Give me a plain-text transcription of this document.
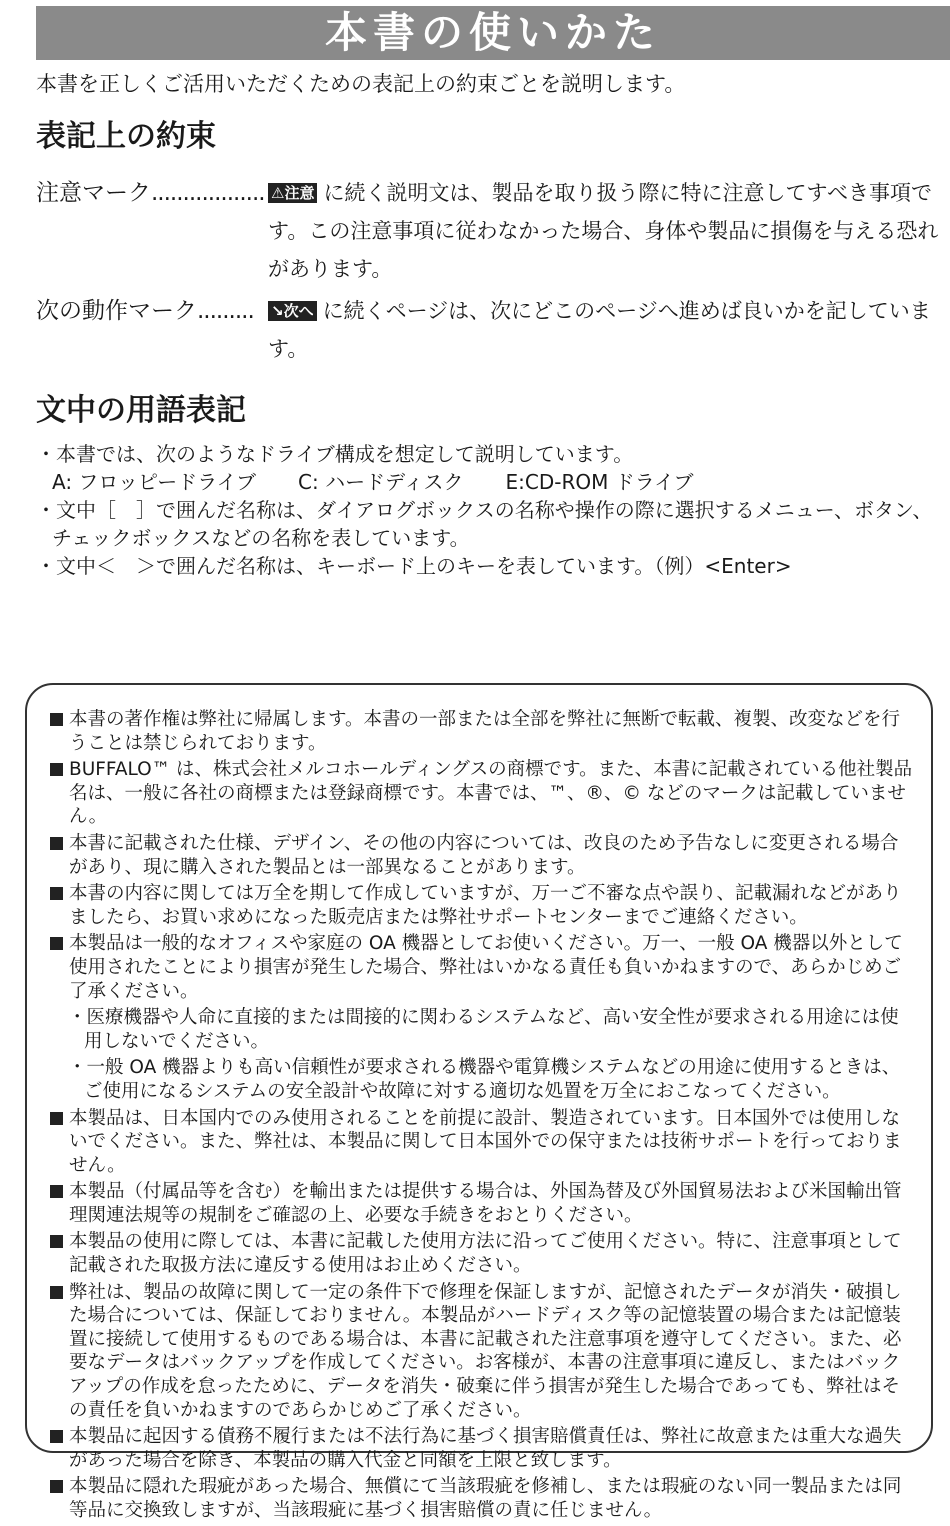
本書の使いかた
本書を正しくご活用いただくための表記上の約束ごとを説明します。
表記上の約束
注意マーク.................. ⚠注意 に続く説明文は、製品を取り扱う際に特に注意してすべき事項です。この注意事項に従わなかった場合、身体や製品に損傷を与える恐れがあります。
次の動作マーク......... ↘次へ に続くページは、次にどこのページへ進めば良いかを記しています。
文中の用語表記
・本書では、次のようなドライブ構成を想定して説明しています。
A: フロッピードライブ C: ハードディスク E:CD-ROM ドライブ
・文中［　］で囲んだ名称は、ダイアログボックスの名称や操作の際に選択するメニュー、ボタン、チェックボックスなどの名称を表しています。
・文中＜　＞で囲んだ名称は、キーボード上のキーを表しています。（例）<Enter>
本書の著作権は弊社に帰属します。本書の一部または全部を弊社に無断で転載、複製、改変などを行うことは禁じられております。
BUFFALO™ は、株式会社メルコホールディングスの商標です。また、本書に記載されている他社製品名は、一般に各社の商標または登録商標です。本書では、™、®、© などのマークは記載していません。
本書に記載された仕様、デザイン、その他の内容については、改良のため予告なしに変更される場合があり、現に購入された製品とは一部異なることがあります。
本書の内容に関しては万全を期して作成していますが、万一ご不審な点や誤り、記載漏れなどがありましたら、お買い求めになった販売店または弊社サポートセンターまでご連絡ください。
本製品は一般的なオフィスや家庭の OA 機器としてお使いください。万一、一般 OA 機器以外として使用されたことにより損害が発生した場合、弊社はいかなる責任も負いかねますので、あらかじめご了承ください。
・医療機器や人命に直接的または間接的に関わるシステムなど、高い安全性が要求される用途には使用しないでください。
・一般 OA 機器よりも高い信頼性が要求される機器や電算機システムなどの用途に使用するときは、ご使用になるシステムの安全設計や故障に対する適切な処置を万全におこなってください。
本製品は、日本国内でのみ使用されることを前提に設計、製造されています。日本国外では使用しないでください。また、弊社は、本製品に関して日本国外での保守または技術サポートを行っておりません。
本製品（付属品等を含む）を輸出または提供する場合は、外国為替及び外国貿易法および米国輸出管理関連法規等の規制をご確認の上、必要な手続きをおとりください。
本製品の使用に際しては、本書に記載した使用方法に沿ってご使用ください。特に、注意事項として記載された取扱方法に違反する使用はお止めください。
弊社は、製品の故障に関して一定の条件下で修理を保証しますが、記憶されたデータが消失・破損した場合については、保証しておりません。本製品がハードディスク等の記憶装置の場合または記憶装置に接続して使用するものである場合は、本書に記載された注意事項を遵守してください。また、必要なデータはバックアップを作成してください。お客様が、本書の注意事項に違反し、またはバックアップの作成を怠ったために、データを消失・破棄に伴う損害が発生した場合であっても、弊社はその責任を負いかねますのであらかじめご了承ください。
本製品に起因する債務不履行または不法行為に基づく損害賠償責任は、弊社に故意または重大な過失があった場合を除き、本製品の購入代金と同額を上限と致します。
本製品に隠れた瑕疵があった場合、無償にて当該瑕疵を修補し、または瑕疵のない同一製品または同等品に交換致しますが、当該瑕疵に基づく損害賠償の責に任じません。
